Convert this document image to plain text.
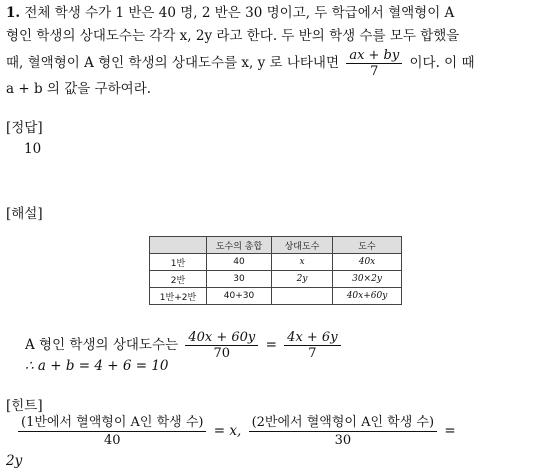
1. 전체 학생 수가 1 반은 40 명, 2 반은 30 명이고, 두 학급에서 혈액형이 A
형인 학생의 상대도수는 각각 x, 2y 라고 한다. 두 반의 학생 수를 모두 합했을
때, 혈액형이 A 형인 학생의 상대도수를 x, y 로 나타내면 $\frac{ax + by}{7}$ 이다. 이 때
a + b 의 값을 구하여라.
[정답]
10
[해설]
	도수의 총합	상대도수	도수
1반	40	x	40x
2반	30	2y	30×2y
1반+2반	40+30		40x+60y
A 형인 학생의 상대도수는 $\frac{40x + 60y}{70} = \frac{4x + 6y}{7}$
∴ a + b = 4 + 6 = 10
[힌트]
$\frac{\text{(1반에서 혈액형이 A인 학생 수)}}{40} = x$, $\frac{\text{(2반에서 혈액형이 A인 학생 수)}}{30}$ =
2y
